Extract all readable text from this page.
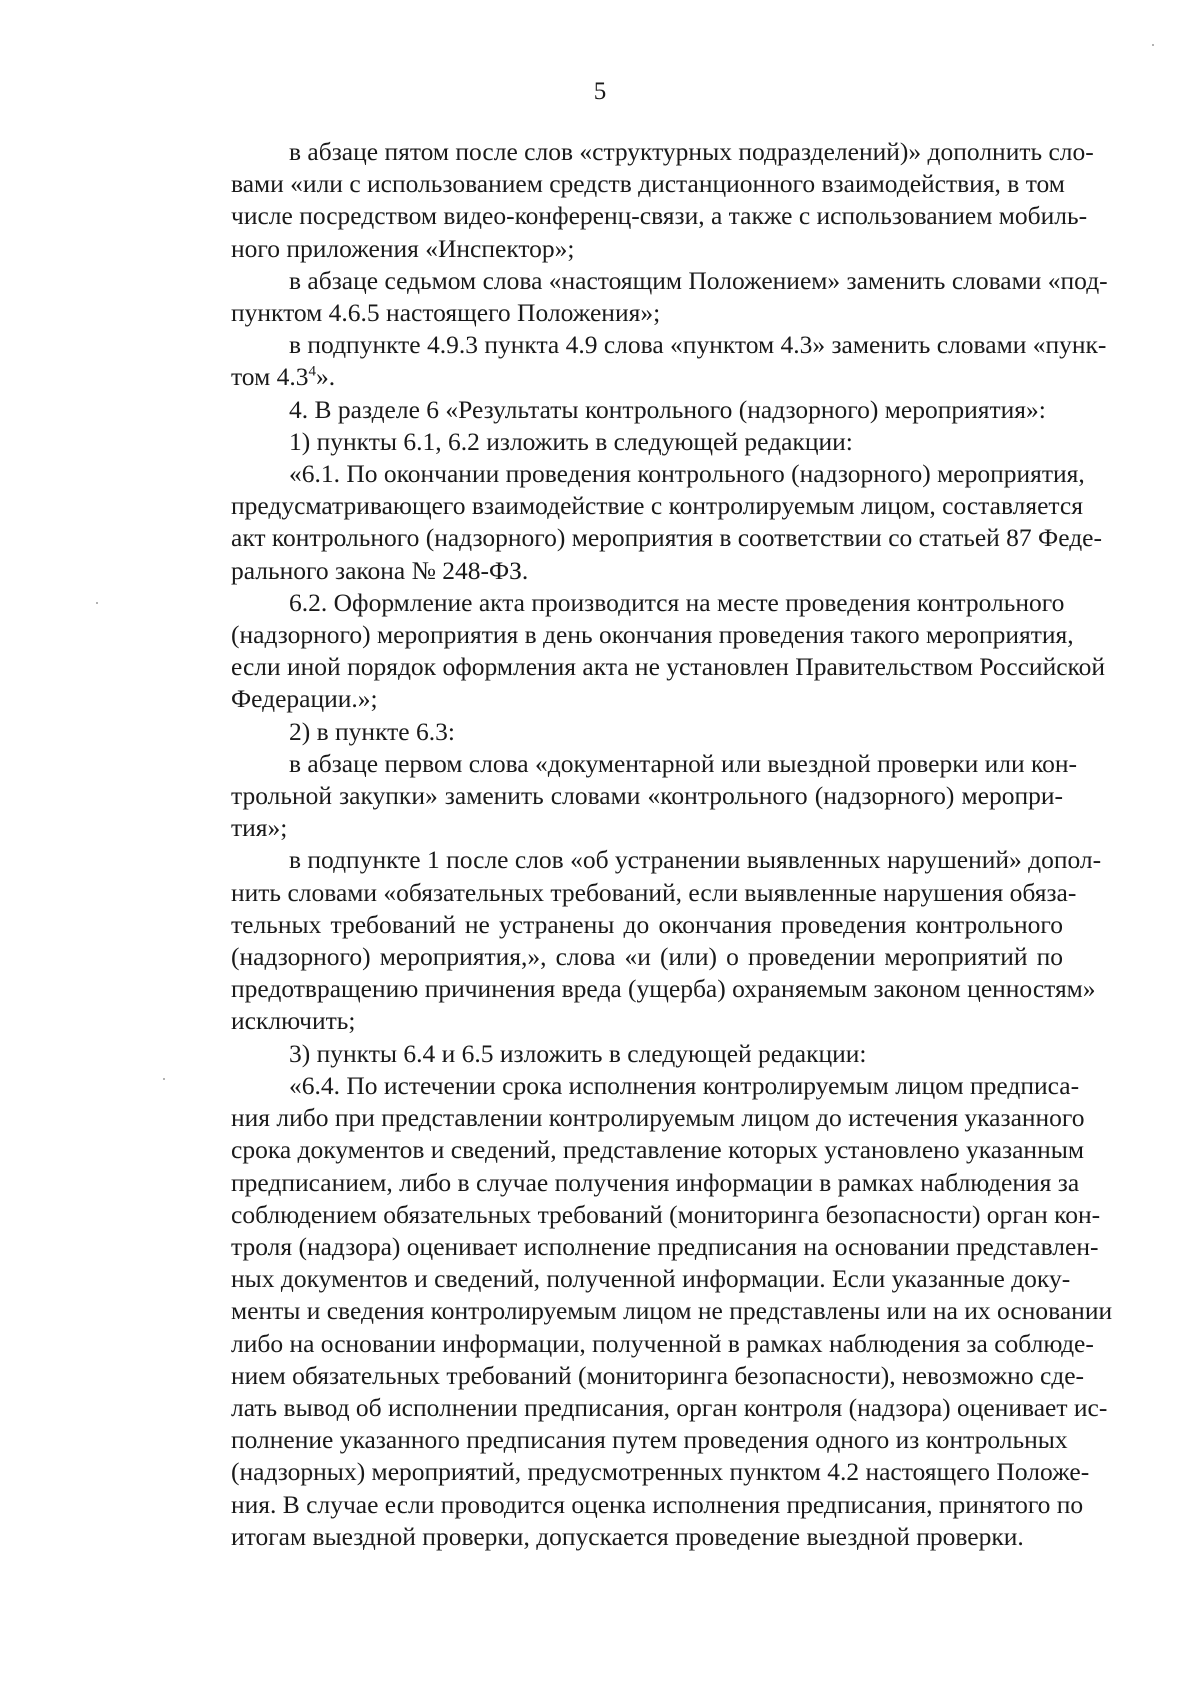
5
в абзаце пятом после слов «структурных подразделений)» дополнить сло-
вами «или с использованием средств дистанционного взаимодействия, в том
числе посредством видео-конференц-связи, а также с использованием мобиль-
ного приложения «Инспектор»;
в абзаце седьмом слова «настоящим Положением» заменить словами «под-
пунктом 4.6.5 настоящего Положения»;
в подпункте 4.9.3 пункта 4.9 слова «пунктом 4.3» заменить словами «пунк-
том $4.3^4$».
4. В разделе 6 «Результаты контрольного (надзорного) мероприятия»:
1) пункты 6.1, 6.2 изложить в следующей редакции:
«6.1. По окончании проведения контрольного (надзорного) мероприятия,
предусматривающего взаимодействие с контролируемым лицом, составляется
акт контрольного (надзорного) мероприятия в соответствии со статьей 87 Феде-
рального закона № 248-ФЗ.
6.2. Оформление акта производится на месте проведения контрольного
(надзорного) мероприятия в день окончания проведения такого мероприятия,
если иной порядок оформления акта не установлен Правительством Российской
Федерации.»;
2) в пункте 6.3:
в абзаце первом слова «документарной или выездной проверки или кон-
трольной закупки» заменить словами «контрольного (надзорного) меропри-
тия»;
в подпункте 1 после слов «об устранении выявленных нарушений» допол-
нить словами «обязательных требований, если выявленные нарушения обяза-
тельных требований не устранены до окончания проведения контрольного
(надзорного) мероприятия,», слова «и (или) о проведении мероприятий по
предотвращению причинения вреда (ущерба) охраняемым законом ценностям»
исключить;
3) пункты 6.4 и 6.5 изложить в следующей редакции:
«6.4. По истечении срока исполнения контролируемым лицом предписа-
ния либо при представлении контролируемым лицом до истечения указанного
срока документов и сведений, представление которых установлено указанным
предписанием, либо в случае получения информации в рамках наблюдения за
соблюдением обязательных требований (мониторинга безопасности) орган кон-
троля (надзора) оценивает исполнение предписания на основании представлен-
ных документов и сведений, полученной информации. Если указанные доку-
менты и сведения контролируемым лицом не представлены или на их основании
либо на основании информации, полученной в рамках наблюдения за соблюде-
нием обязательных требований (мониторинга безопасности), невозможно сде-
лать вывод об исполнении предписания, орган контроля (надзора) оценивает ис-
полнение указанного предписания путем проведения одного из контрольных
(надзорных) мероприятий, предусмотренных пунктом 4.2 настоящего Положе-
ния. В случае если проводится оценка исполнения предписания, принятого по
итогам выездной проверки, допускается проведение выездной проверки.
